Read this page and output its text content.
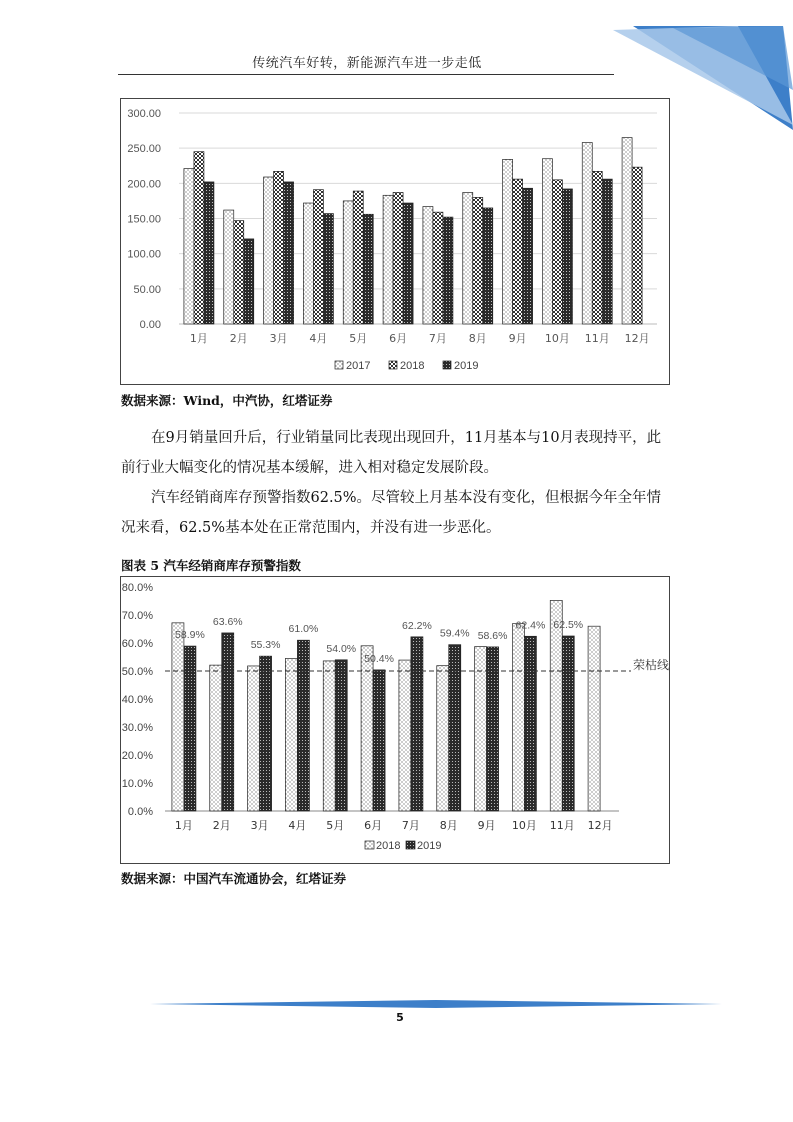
传统汽车好转，新能源汽车进一步走低
0.00
50.00
100.00
150.00
200.00
250.00
300.00
1月 2月 3月 4月 5月 6月 7月 8月 9月 10月 11月 12月
2017	2018	2019
数据来源：Wind，中汽协，红塔证券
在9月销量回升后，行业销量同比表现出现回升，11月基本与10月表现持平，此前行业大幅变化的情况基本缓解，进入相对稳定发展阶段。
汽车经销商库存预警指数62.5%。尽管较上月基本没有变化，但根据今年全年情况来看，62.5%基本处在正常范围内，并没有进一步恶化。
图表 5 汽车经销商库存预警指数
0.0%
10.0%
20.0%
30.0%
40.0%
50.0%
60.0%
70.0%
80.0%
58.9%
1月
63.6%
2月
55.3%
3月
61.0%
4月
54.0%
5月
50.4%
6月
62.2%
7月
59.4%
8月
58.6%
9月
62.4%
10月
62.5%
11月 12月
荣枯线
2018 2019
数据来源：中国汽车流通协会，红塔证券
5
